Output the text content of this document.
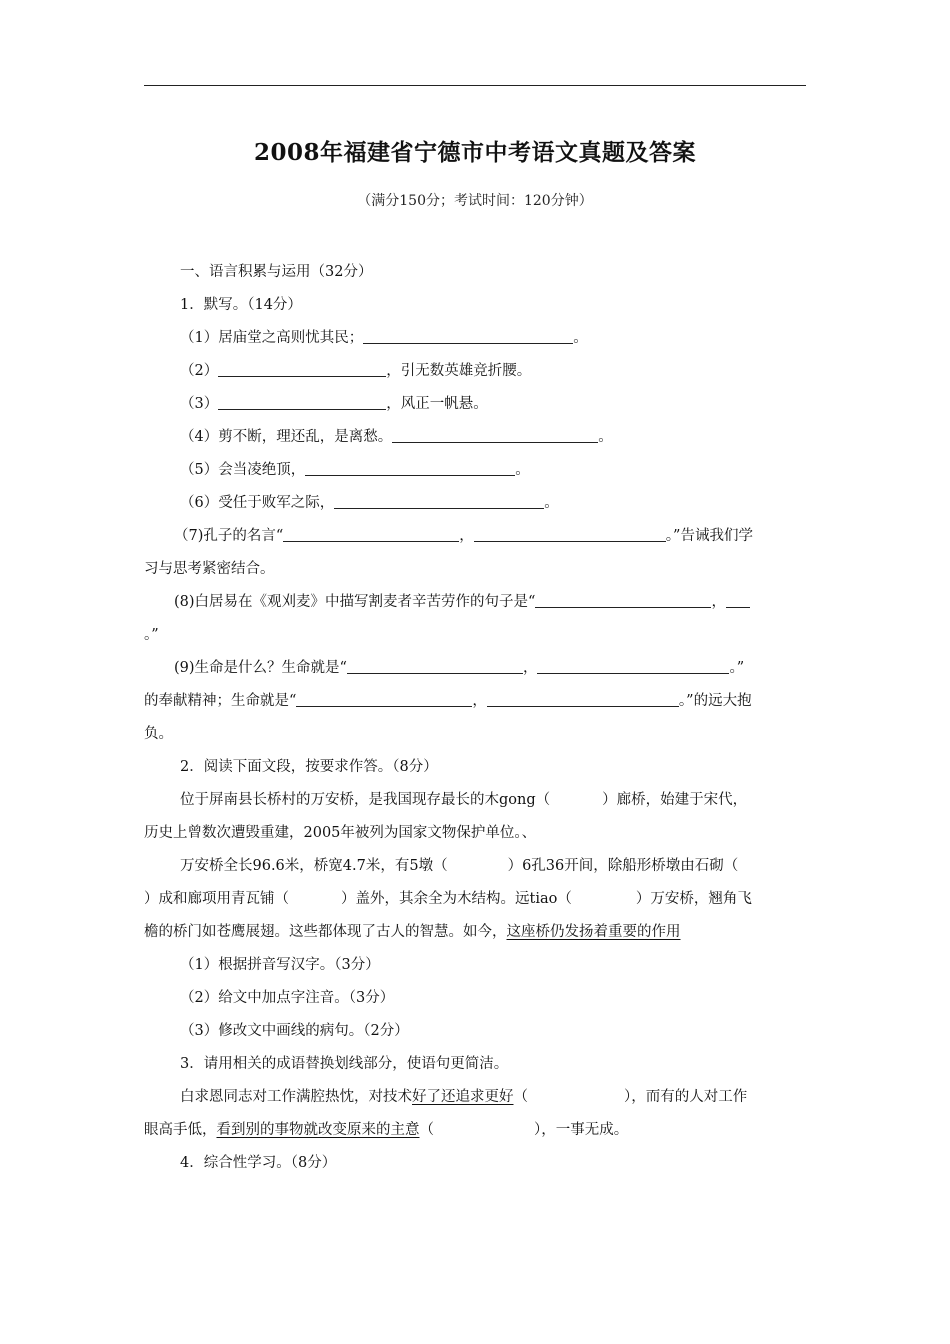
2008年福建省宁德市中考语文真题及答案
（满分150分；考试时间：120分钟）
一、语言积累与运用（32分）
1．默写。（14分）
（1）居庙堂之高则忧其民；	。
（2）	，引无数英雄竞折腰。
（3）	，风正一帆悬。
（4）剪不断，理还乱，是离愁。	。
（5）会当凌绝顶，	。
（6）受任于败军之际，	。
（7)孔子的名言“	，	。”告诫我们学
习与思考紧密结合。
(8)白居易在《观刈麦》中描写割麦者辛苦劳作的句子是“	，
。”
(9)生命是什么？生命就是“	，	。”
的奉献精神；生命就是“	，	。”的远大抱
负。
2．阅读下面文段，按要求作答。（8分）
位于屏南县长桥村的万安桥，是我国现存最长的木gong（	）廊桥，始建于宋代，
历史上曾数次遭毁重建，2005年被列为国家文物保护单位。、
万安桥全长96.6米，桥宽4.7米，有5墩（	）6孔36开间，除船形桥墩由石砌（
）成和廊项用青瓦铺（	）盖外，其余全为木结构。远tiao（	）万安桥，翘角飞
檐的桥门如苍鹰展翅。这些都体现了古人的智慧。如今，这座桥仍发扬着重要的作用
（1）根据拼音写汉字。（3分）
（2）给文中加点字注音。（3分）
（3）修改文中画线的病句。（2分）
3．请用相关的成语替换划线部分，使语句更简洁。
白求恩同志对工作满腔热忱，对技术好了还追求更好（	），而有的人对工作
眼高手低，看到别的事物就改变原来的主意（	），一事无成。
4．综合性学习。（8分）
